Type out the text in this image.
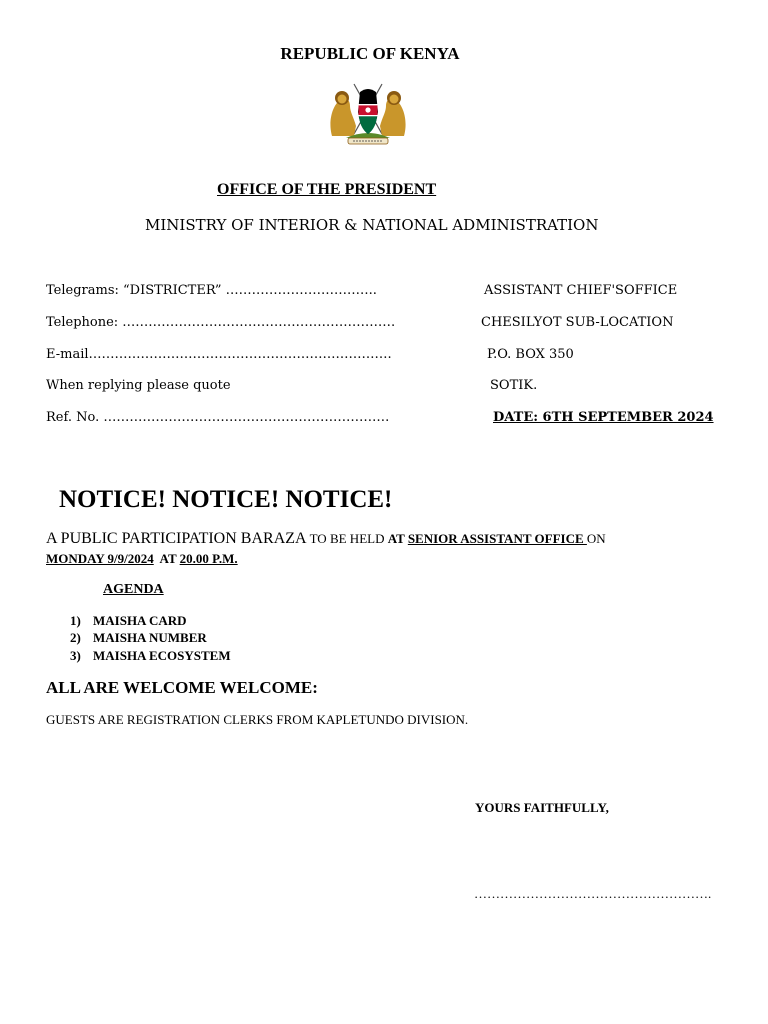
REPUBLIC OF KENYA
OFFICE OF THE PRESIDENT
MINISTRY OF INTERIOR & NATIONAL ADMINISTRATION
Telegrams: “DISTRICTER” ……………………………..
Telephone: ………………………………………………………
E-mail…………………………………………………………….
When replying please quote
Ref. No. …………………………………………………………
ASSISTANT CHIEF'SOFFICE
CHESILYOT SUB-LOCATION
P.O. BOX 350
SOTIK.
DATE: 6TH SEPTEMBER 2024
NOTICE! NOTICE! NOTICE!
A PUBLIC PARTICIPATION BARAZA TO BE HELD AT SENIOR ASSISTANT OFFICE ON
MONDAY 9/9/2024  AT 20.00 P.M.
AGENDA
1) MAISHA CARD
2) MAISHA NUMBER
3) MAISHA ECOSYSTEM
ALL ARE WELCOME WELCOME:
GUESTS ARE REGISTRATION CLERKS FROM KAPLETUNDO DIVISION.
YOURS FAITHFULLY,
……………………………………………….
